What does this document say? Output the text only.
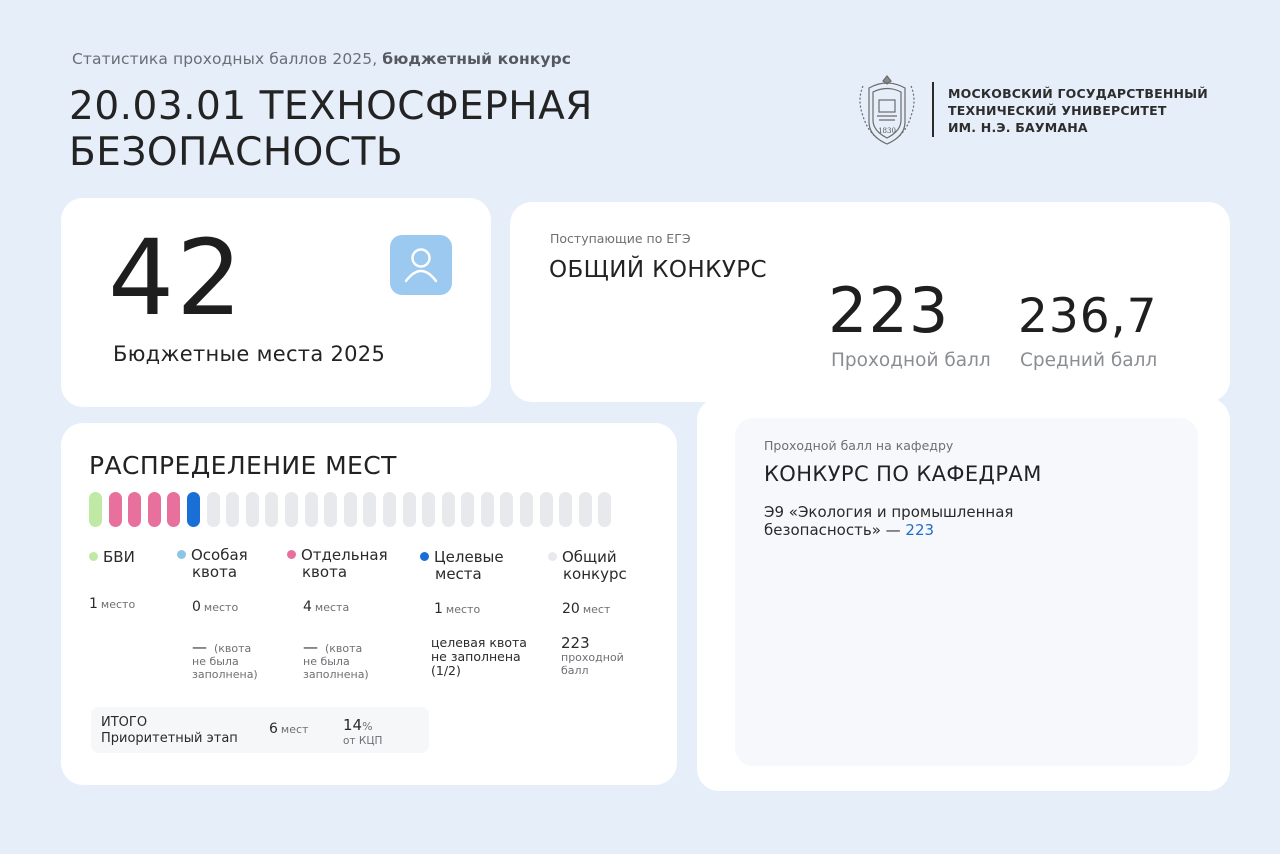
Статистика проходных баллов 2025, бюджетный конкурс
20.03.01 ТЕХНОСФЕРНАЯ
БЕЗОПАСНОСТЬ	1830
МОСКОВСКИЙ ГОСУДАРСТВЕННЫЙ
ТЕХНИЧЕСКИЙ УНИВЕРСИТЕТ
ИМ. Н.Э. БАУМАНА
42
Бюджетные места 2025
Поступающие по ЕГЭ
ОБЩИЙ КОНКУРС
223
Проходной балл
236,7
Средний балл
Проходной балл на кафедру
КОНКУРС ПО КАФЕДРАМ
Э9 «Экология и промышленная
безопасность» — 223
РАСПРЕДЕЛЕНИЕ МЕСТ
БВИ
1 место
Особая
квота
0 место
— (квота
не была
заполнена)
Отдельная
квота
4 места
— (квота
не была
заполнена)
Целевые
места
1 место
целевая квота
не заполнена
(1/2)
Общий
конкурс
20 мест
223
проходной
балл
ИТОГО
Приоритетный этап
6 мест 14%
от КЦП
